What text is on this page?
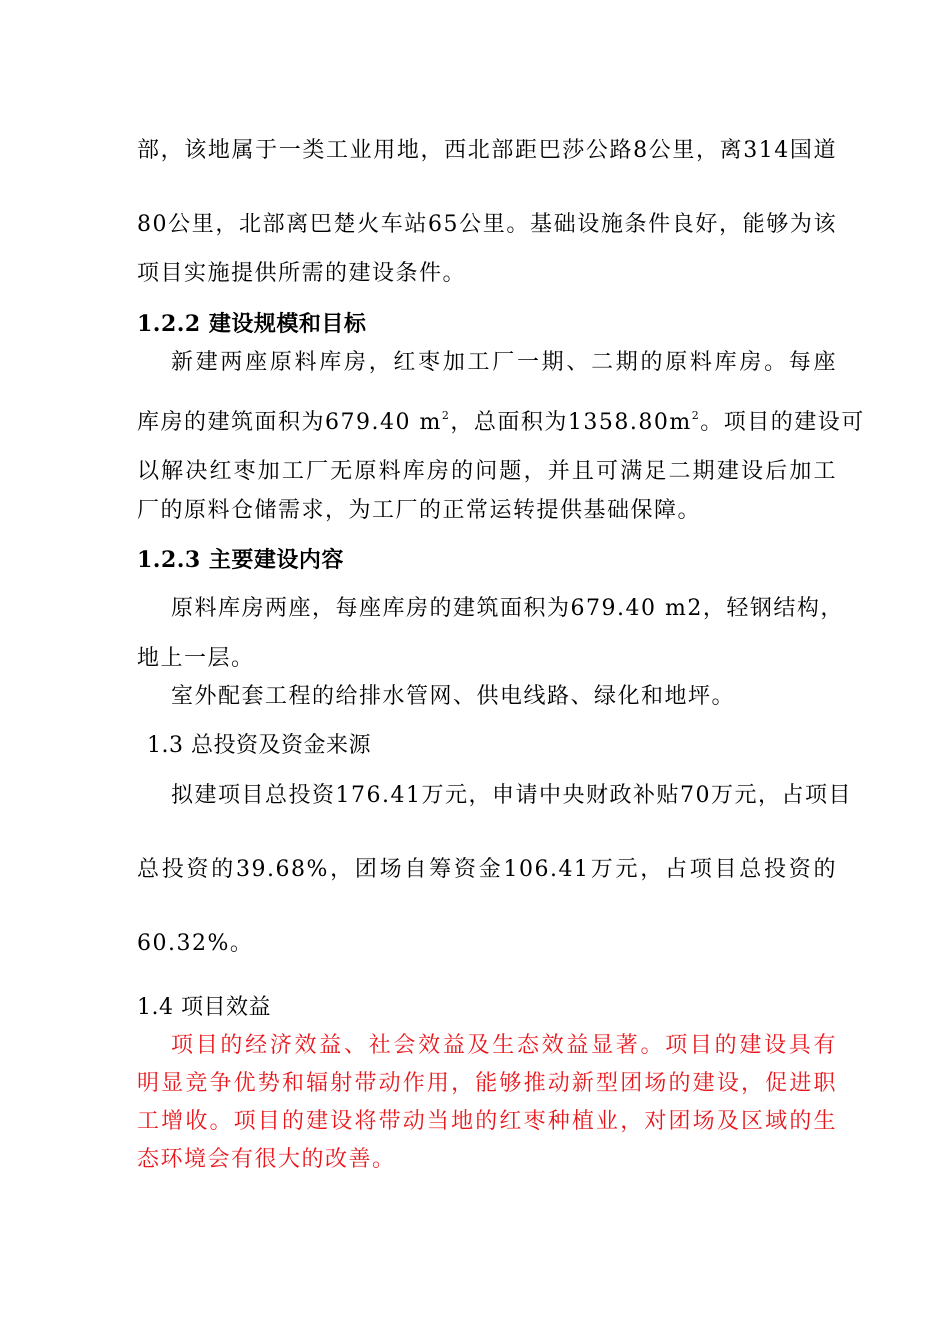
部，该地属于一类工业用地，西北部距巴莎公路8公里，离314国道
80公里，北部离巴楚火车站65公里。基础设施条件良好，能够为该
项目实施提供所需的建设条件。
1.2.2 建设规模和目标
新建两座原料库房，红枣加工厂一期、二期的原料库房。每座
库房的建筑面积为679.40 $m^2$，总面积为$1358.80m^2$。项目的建设可
以解决红枣加工厂无原料库房的问题，并且可满足二期建设后加工
厂的原料仓储需求，为工厂的正常运转提供基础保障。
1.2.3 主要建设内容
原料库房两座，每座库房的建筑面积为679.40 m2，轻钢结构，
地上一层。
室外配套工程的给排水管网、供电线路、绿化和地坪。
1.3 总投资及资金来源
拟建项目总投资176.41万元，申请中央财政补贴70万元，占项目
总投资的39.68%，团场自筹资金106.41万元，占项目总投资的
60.32%。
1.4 项目效益
项目的经济效益、社会效益及生态效益显著。项目的建设具有
明显竞争优势和辐射带动作用，能够推动新型团场的建设，促进职
工增收。项目的建设将带动当地的红枣种植业，对团场及区域的生
态环境会有很大的改善。
